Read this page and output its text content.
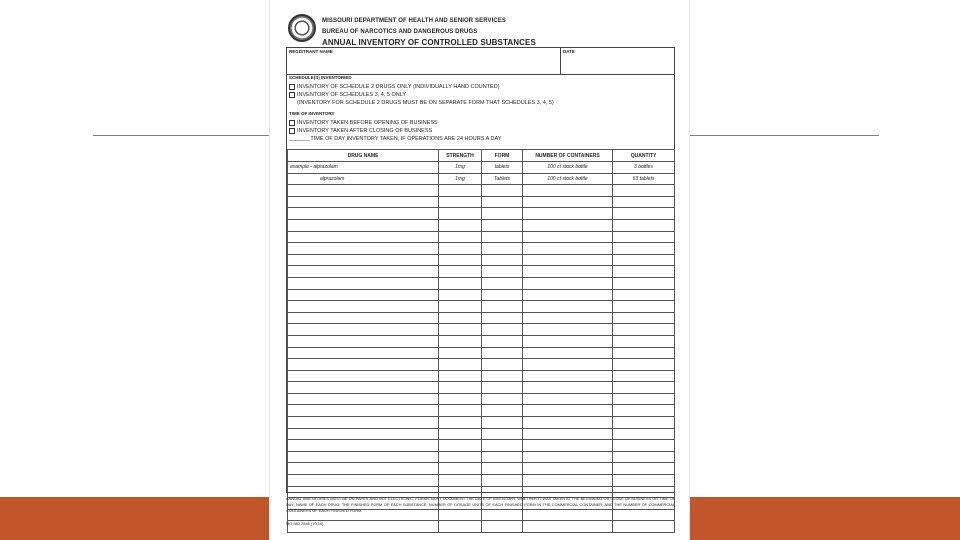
MISSOURI DEPARTMENT OF HEALTH AND SENIOR SERVICES
BUREAU OF NARCOTICS AND DANGEROUS DRUGS
ANNUAL INVENTORY OF CONTROLLED SUBSTANCES
REGISTRANT NAME	DATE
SCHEDULE(S) INVENTORIED
INVENTORY OF SCHEDULE 2 DRUGS ONLY (INDIVIDUALLY HAND COUNTED)
INVENTORY OF SCHEDULES 3, 4, 5 ONLY
(INVENTORY FOR SCHEDULE 2 DRUGS MUST BE ON SEPARATE FORM THAT SCHEDULES 3, 4, 5)
TIME OF INVENTORY
INVENTORY TAKEN BEFORE OPENING OF BUSINESS
INVENTORY TAKEN AFTER CLOSING OF BUSINESS
_______TIME OF DAY INVENTORY TAKEN, IF OPERATIONS ARE 24 HOURS A DAY
DRUG NAME	STRENGTH	FORM	NUMBER OF CONTAINERS	QUANTITY
example - alprazolam	1mg	tablets	100 ct stock bottle	3 bottles
alprazolam	1mg	Tablets	100 ct stock bottle	63 tablets

ANNUAL INVENTORIES MUST BE ON PAPER AND NOT ELECTRONIC. FORMS MUST DOCUMENT THE DATE OF INVENTORY, WHETHER IT WAS TAKEN AT THE BEGINNING OR CLOSE OF BUSINESS OR TIME OF DAY; NAME OF EACH DRUG; THE FINISHED FORM OF EACH SUBSTANCE; NUMBER OF DOSAGE UNITS OF EACH FINISHED FORM IN THE COMMERCIAL CONTAINER; AND THE NUMBER OF COMMERCIAL CONTAINERS OF EACH FINISHED FORM.
MO 580-2846 (10-16)
